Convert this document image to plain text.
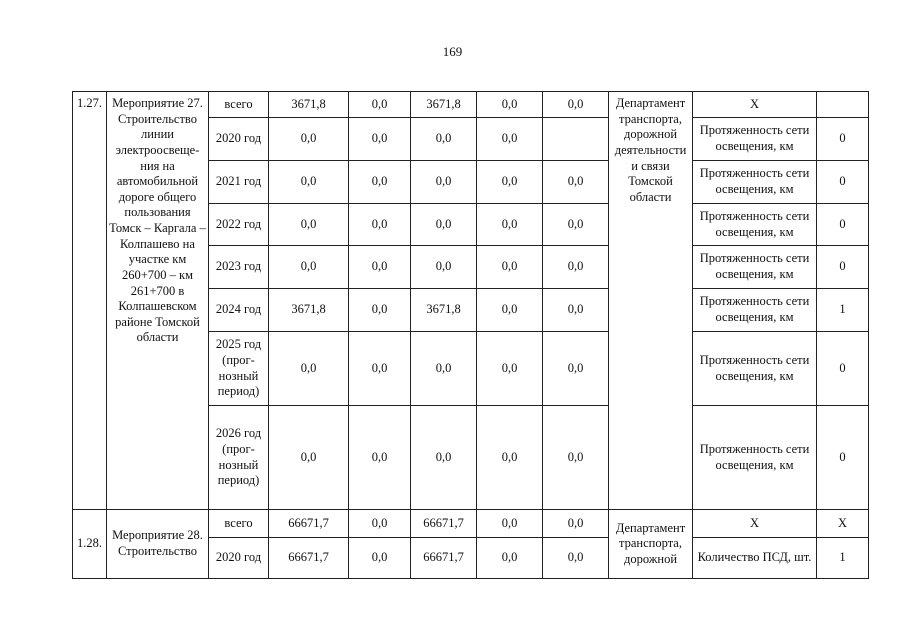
169
1.27.	Мероприятие 27. Строительство линии электроосвеще-ния на автомобильной дороге общего пользования Томск – Каргала – Колпашево на участке км 260+700 – км 261+700 в Колпашевском районе Томской области	всего	3671,8	0,0	3671,8	0,0	0,0	Департамент транспорта, дорожной деятельности и связи Томской области	Х	
		2020 год	0,0	0,0	0,0	0,0			Протяженность сети освещения, км	0
		2021 год	0,0	0,0	0,0	0,0	0,0		Протяженность сети освещения, км	0
		2022 год	0,0	0,0	0,0	0,0	0,0		Протяженность сети освещения, км	0
		2023 год	0,0	0,0	0,0	0,0	0,0		Протяженность сети освещения, км	0
		2024 год	3671,8	0,0	3671,8	0,0	0,0		Протяженность сети освещения, км	1
		2025 год (прог-нозный период)	0,0	0,0	0,0	0,0	0,0		Протяженность сети освещения, км	0
		2026 год (прог-нозный период)	0,0	0,0	0,0	0,0	0,0		Протяженность сети освещения, км	0
1.28.	Мероприятие 28. Строительство	всего	66671,7	0,0	66671,7	0,0	0,0	Департамент транспорта, дорожной	Х	Х
		2020 год	66671,7	0,0	66671,7	0,0	0,0		Количество ПСД, шт.	1
